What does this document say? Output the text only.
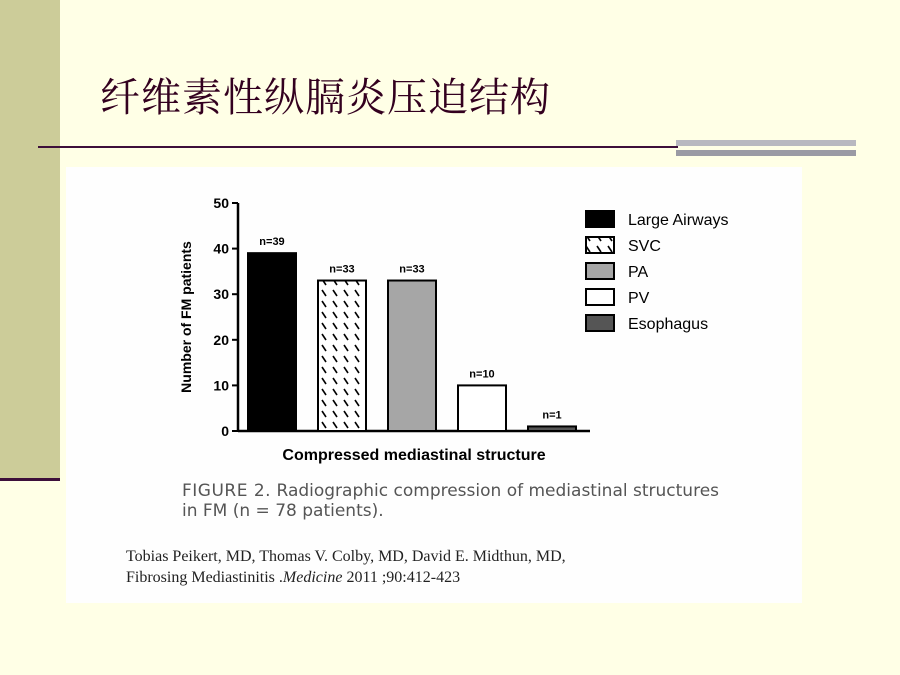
纤维素性纵膈炎压迫结构
0
10
20
30
40
50
Number of FM patients
Compressed mediastinal structure
n=39
n=33	n=33
n=10
n=1
Large Airways
SVC
PA
PV
Esophagus
FIGURE 2. Radiographic compression of mediastinal structures
in FM (n = 78 patients).
Tobias Peikert, MD, Thomas V. Colby, MD, David E. Midthun, MD,
Fibrosing Mediastinitis .Medicine 2011 ;90:412-423
